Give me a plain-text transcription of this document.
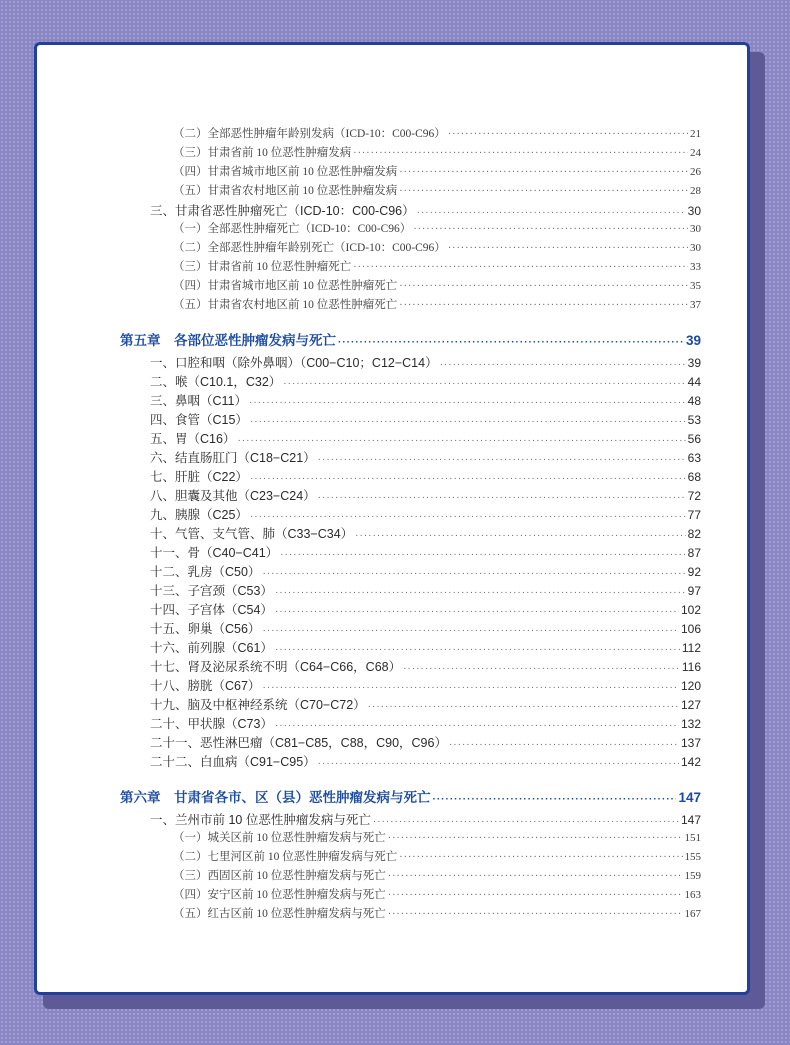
（二）全部恶性肿瘤年龄别发病（ICD-10：C00-C96） ·····	21
（三）甘肃省前 10 位恶性肿瘤发病 ·····	24
（四）甘肃省城市地区前 10 位恶性肿瘤发病 ·····	26
（五）甘肃省农村地区前 10 位恶性肿瘤发病 ·····	28
三、甘肃省恶性肿瘤死亡（ICD-10：C00-C96） ·····	30
（一）全部恶性肿瘤死亡（ICD-10：C00-C96） ·····	30
（二）全部恶性肿瘤年龄别死亡（ICD-10：C00-C96） ·····	30
（三）甘肃省前 10 位恶性肿瘤死亡 ·····	33
（四）甘肃省城市地区前 10 位恶性肿瘤死亡 ·····	35
（五）甘肃省农村地区前 10 位恶性肿瘤死亡 ·····	37
第五章　各部位恶性肿瘤发病与死亡 ·····	39
一、口腔和咽（除外鼻咽）（C00−C10；C12−C14） ·····	39
二、喉（C10.1，C32） ·····	44
三、鼻咽（C11） ·····	48
四、食管（C15） ·····	53
五、胃（C16） ·····	56
六、结直肠肛门（C18−C21） ·····	63
七、肝脏（C22） ·····	68
八、胆囊及其他（C23−C24） ·····	72
九、胰腺（C25） ·····	77
十、气管、支气管、肺（C33−C34） ·····	82
十一、骨（C40−C41） ·····	87
十二、乳房（C50） ·····	92
十三、子宫颈（C53） ·····	97
十四、子宫体（C54） ·····	102
十五、卵巢（C56） ·····	106
十六、前列腺（C61） ·····	112
十七、肾及泌尿系统不明（C64−C66，C68） ·····	116
十八、膀胱（C67） ·····	120
十九、脑及中枢神经系统（C70−C72） ·····	127
二十、甲状腺（C73） ·····	132
二十一、恶性淋巴瘤（C81−C85，C88，C90，C96） ·····	137
二十二、白血病（C91−C95） ·····	142
第六章　甘肃省各市、区（县）恶性肿瘤发病与死亡 ·····	147
一、兰州市前 10 位恶性肿瘤发病与死亡 ·····	147
（一）城关区前 10 位恶性肿瘤发病与死亡 ·····	151
（二）七里河区前 10 位恶性肿瘤发病与死亡 ·····	155
（三）西固区前 10 位恶性肿瘤发病与死亡 ·····	159
（四）安宁区前 10 位恶性肿瘤发病与死亡 ·····	163
（五）红古区前 10 位恶性肿瘤发病与死亡 ·····	167
